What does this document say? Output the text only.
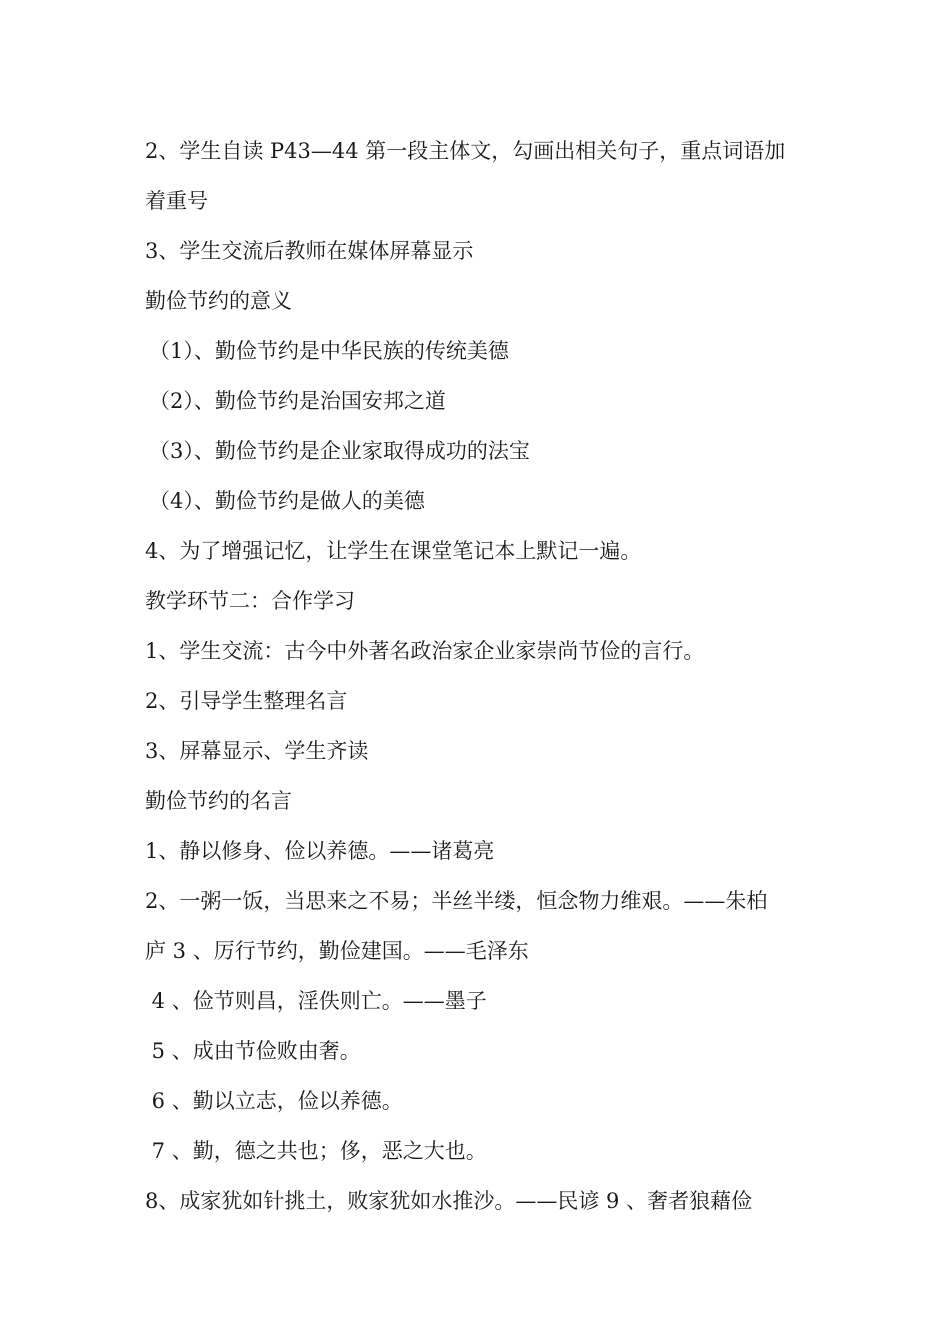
2、学生自读 P43—44 第一段主体文，勾画出相关句子，重点词语加
着重号
3、学生交流后教师在媒体屏幕显示
勤俭节约的意义
（1）、勤俭节约是中华民族的传统美德
（2）、勤俭节约是治国安邦之道
（3）、勤俭节约是企业家取得成功的法宝
（4）、勤俭节约是做人的美德
4、为了增强记忆，让学生在课堂笔记本上默记一遍。
教学环节二：合作学习
1、学生交流：古今中外著名政治家企业家崇尚节俭的言行。
2、引导学生整理名言
3、屏幕显示、学生齐读
勤俭节约的名言
1、静以修身、俭以养德。——诸葛亮
2、一粥一饭，当思来之不易；半丝半缕，恒念物力维艰。——朱柏
庐 3 、厉行节约，勤俭建国。——毛泽东
4 、俭节则昌，淫佚则亡。——墨子
5 、成由节俭败由奢。
6 、勤以立志，俭以养德。
7 、勤，德之共也；侈，恶之大也。
8、成家犹如针挑土，败家犹如水推沙。——民谚 9 、奢者狼藉俭
